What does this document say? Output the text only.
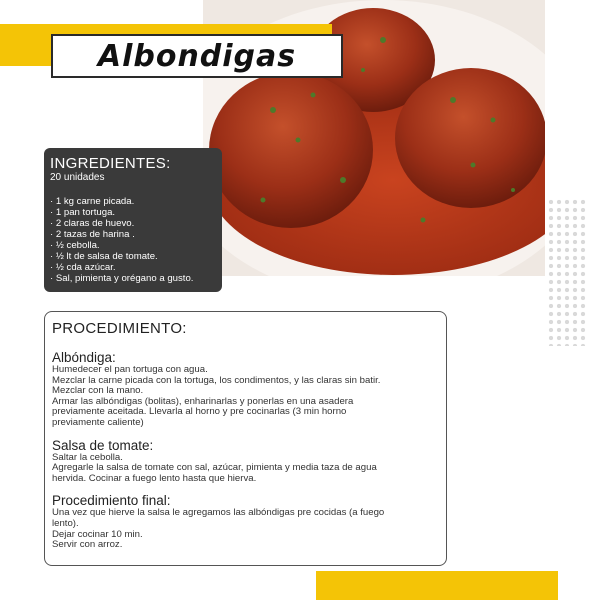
Albondigas
INGREDIENTES:
20 unidades
· 1 kg carne picada.
· 1 pan tortuga.
· 2 claras de huevo.
· 2 tazas de harina .
· ½ cebolla.
· ½ lt de salsa de tomate.
· ½ cda azúcar.
· Sal, pimienta y orégano a gusto.
PROCEDIMIENTO:
Albóndiga:

Humedecer el pan tortuga con agua.

Mezclar la carne picada con la tortuga, los condimentos, y las claras sin batir.

Mezclar con la mano.

Armar las albóndigas (bolitas), enharinarlas y ponerlas en una asadera

previamente aceitada. Llevarla al horno y pre cocinarlas (3 min horno

previamente caliente)

Salsa de tomate:

Saltar la cebolla.

Agregarle la salsa de tomate con sal, azúcar, pimienta y media taza de agua

hervida. Cocinar a fuego lento hasta que hierva.

Procedimiento final:

Una vez que hierve la salsa le agregamos las albóndigas pre cocidas (a fuego

lento).

Dejar cocinar 10 min.

Servir con arroz.
